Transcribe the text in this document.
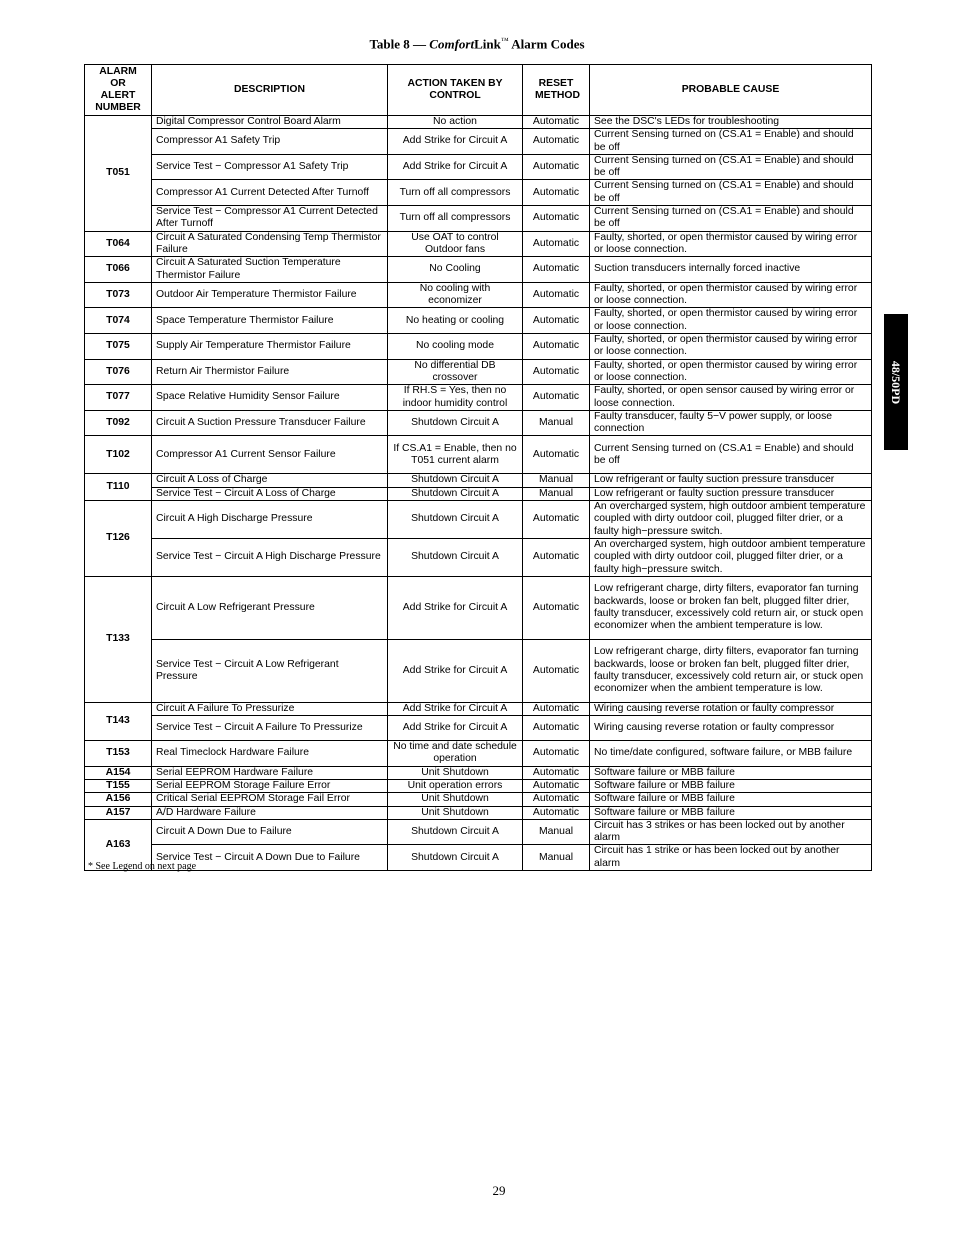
Table 8 — ComfortLink™ Alarm Codes
ALARM OR ALERT NUMBER	DESCRIPTION	ACTION TAKEN BY CONTROL	RESET METHOD	PROBABLE CAUSE
T051	Digital Compressor Control Board Alarm	No action	Automatic	See the DSC's LEDs for troubleshooting
	Compressor A1 Safety Trip	Add Strike for Circuit A	Automatic	Current Sensing turned on (CS.A1 = Enable) and should be off
	Service Test − Compressor A1 Safety Trip	Add Strike for Circuit A	Automatic	Current Sensing turned on (CS.A1 = Enable) and should be off
	Compressor A1 Current Detected After Turnoff	Turn off all compressors	Automatic	Current Sensing turned on (CS.A1 = Enable) and should be off
	Service Test − Compressor A1 Current Detected After Turnoff	Turn off all compressors	Automatic	Current Sensing turned on (CS.A1 = Enable) and should be off
T064	Circuit A Saturated Condensing Temp Thermistor Failure	Use OAT to control Outdoor fans	Automatic	Faulty, shorted, or open thermistor caused by wiring error or loose connection.
T066	Circuit A Saturated Suction Temperature Thermistor Failure	No Cooling	Automatic	Suction transducers internally forced inactive
T073	Outdoor Air Temperature Thermistor Failure	No cooling with economizer	Automatic	Faulty, shorted, or open thermistor caused by wiring error or loose connection.
T074	Space Temperature Thermistor Failure	No heating or cooling	Automatic	Faulty, shorted, or open thermistor caused by wiring error or loose connection.
T075	Supply Air Temperature Thermistor Failure	No cooling mode	Automatic	Faulty, shorted, or open thermistor caused by wiring error or loose connection.
T076	Return Air Thermistor Failure	No differential DB crossover	Automatic	Faulty, shorted, or open thermistor caused by wiring error or loose connection.
T077	Space Relative Humidity Sensor Failure	If RH.S = Yes, then no indoor humidity control	Automatic	Faulty, shorted, or open sensor caused by wiring error or loose connection.
T092	Circuit A Suction Pressure Transducer Failure	Shutdown Circuit A	Manual	Faulty transducer, faulty 5−V power supply, or loose connection
T102	Compressor A1 Current Sensor Failure	If CS.A1 = Enable, then no T051 current alarm	Automatic	Current Sensing turned on (CS.A1 = Enable) and should be off
T110	Circuit A Loss of Charge	Shutdown Circuit A	Manual	Low refrigerant or faulty suction pressure transducer
	Service Test − Circuit A Loss of Charge	Shutdown Circuit A	Manual	Low refrigerant or faulty suction pressure transducer
T126	Circuit A High Discharge Pressure	Shutdown Circuit A	Automatic	An overcharged system, high outdoor ambient temperature coupled with dirty outdoor coil, plugged filter drier, or a faulty high−pressure switch.
	Service Test − Circuit A High Discharge Pressure	Shutdown Circuit A	Automatic	An overcharged system, high outdoor ambient temperature coupled with dirty outdoor coil, plugged filter drier, or a faulty high−pressure switch.
T133	Circuit A Low Refrigerant Pressure	Add Strike for Circuit A	Automatic	Low refrigerant charge, dirty filters, evaporator fan turning backwards, loose or broken fan belt, plugged filter drier, faulty transducer, excessively cold return air, or stuck open economizer when the ambient temperature is low.
	Service Test − Circuit A Low Refrigerant Pressure	Add Strike for Circuit A	Automatic	Low refrigerant charge, dirty filters, evaporator fan turning backwards, loose or broken fan belt, plugged filter drier, faulty transducer, excessively cold return air, or stuck open economizer when the ambient temperature is low.
T143	Circuit A Failure To Pressurize	Add Strike for Circuit A	Automatic	Wiring causing reverse rotation or faulty compressor
	Service Test − Circuit A Failure To Pressurize	Add Strike for Circuit A	Automatic	Wiring causing reverse rotation or faulty compressor
T153	Real Timeclock Hardware Failure	No time and date schedule operation	Automatic	No time/date configured, software failure, or MBB failure
A154	Serial EEPROM Hardware Failure	Unit Shutdown	Automatic	Software failure or MBB failure
T155	Serial EEPROM Storage Failure Error	Unit operation errors	Automatic	Software failure or MBB failure
A156	Critical Serial EEPROM Storage Fail Error	Unit Shutdown	Automatic	Software failure or MBB failure
A157	A/D Hardware Failure	Unit Shutdown	Automatic	Software failure or MBB failure
A163	Circuit A Down Due to Failure	Shutdown Circuit A	Manual	Circuit has 3 strikes or has been locked out by another alarm
	Service Test − Circuit A Down Due to Failure	Shutdown Circuit A	Manual	Circuit has 1 strike or has been locked out by another alarm
* See Legend on next page
48/50PD
29
